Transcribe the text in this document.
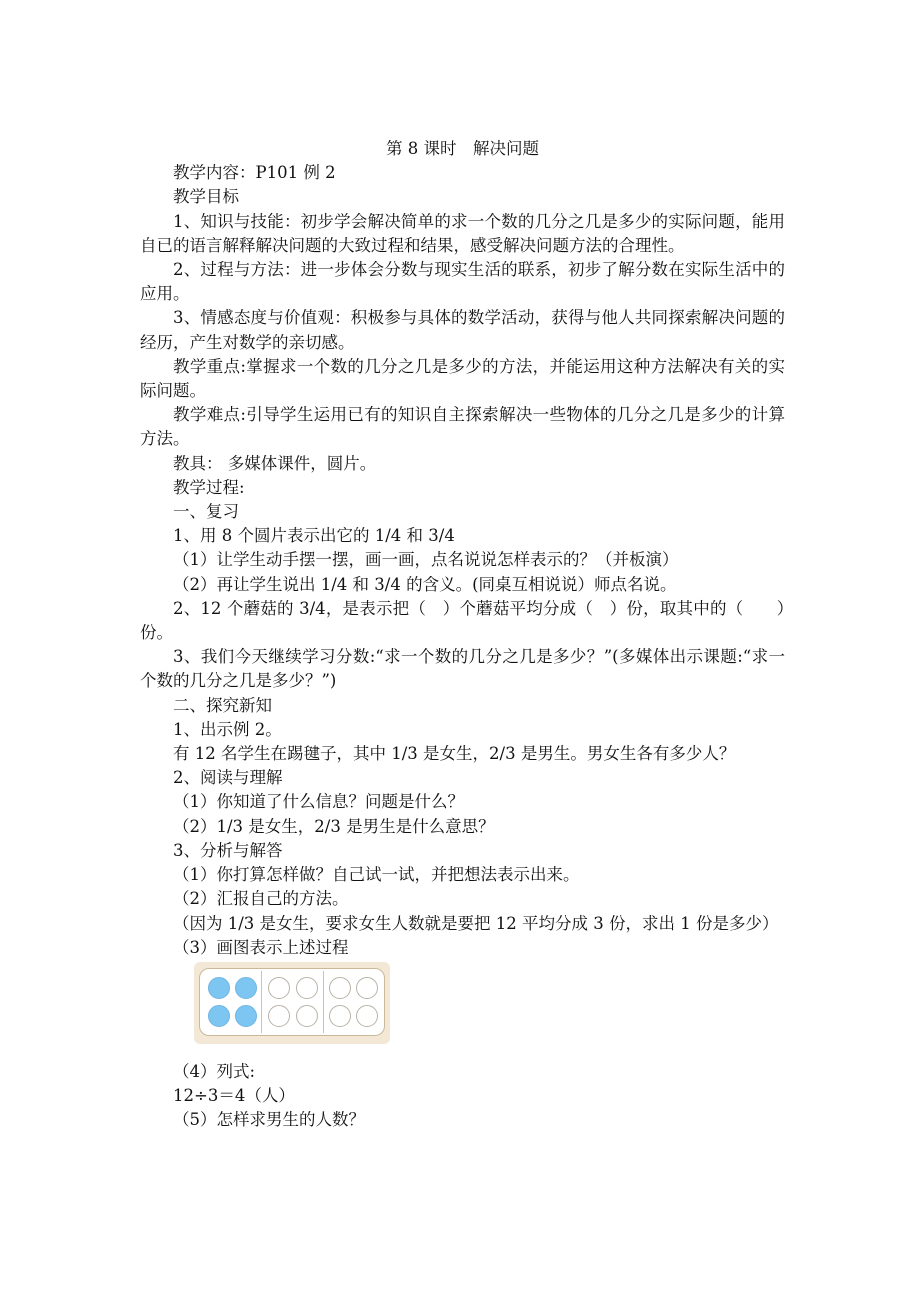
第 8 课时　解决问题
教学内容：P101 例 2
教学目标
1、知识与技能：初步学会解决简单的求一个数的几分之几是多少的实际问题，能用自已的语言解释解决问题的大致过程和结果，感受解决问题方法的合理性。
2、过程与方法：进一步体会分数与现实生活的联系，初步了解分数在实际生活中的应用。
3、情感态度与价值观：积极参与具体的数学活动，获得与他人共同探索解决问题的经历，产生对数学的亲切感。
教学重点:掌握求一个数的几分之几是多少的方法，并能运用这种方法解决有关的实际问题。
教学难点:引导学生运用已有的知识自主探索解决一些物体的几分之几是多少的计算方法。
教具： 多媒体课件，圆片。
教学过程:
一、复习
1、用 8 个圆片表示出它的 1/4 和 3/4
（1）让学生动手摆一摆，画一画，点名说说怎样表示的？（并板演）
（2）再让学生说出 1/4 和 3/4 的含义。(同桌互相说说）师点名说。
2、12 个蘑菇的 3/4，是表示把（　）个蘑菇平均分成（　）份，取其中的（　　）份。
3、我们今天继续学习分数:“求一个数的几分之几是多少？”(多媒体出示课题:“求一个数的几分之几是多少？”)
二、探究新知
1、出示例 2。
有 12 名学生在踢毽子，其中 1/3 是女生，2/3 是男生。男女生各有多少人？
2、阅读与理解
（1）你知道了什么信息？问题是什么？
（2）1/3 是女生，2/3 是男生是什么意思？
3、分析与解答
（1）你打算怎样做？自己试一试，并把想法表示出来。
（2）汇报自己的方法。
（因为 1/3 是女生，要求女生人数就是要把 12 平均分成 3 份，求出 1 份是多少）
（3）画图表示上述过程
（4）列式:
12÷3＝4（人）
（5）怎样求男生的人数？
